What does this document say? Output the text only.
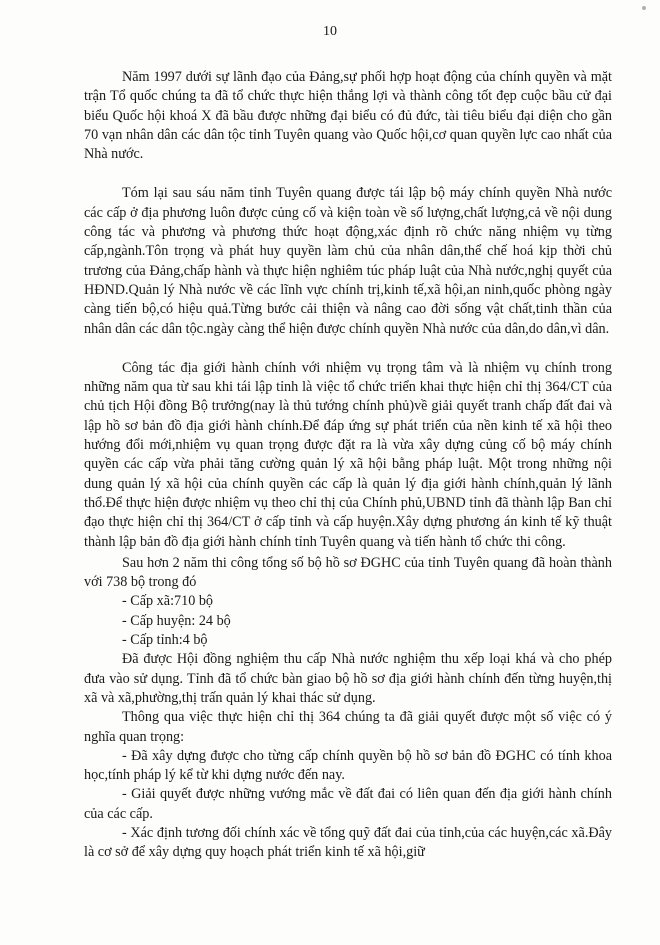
10

Năm 1997 dưới sự lãnh đạo của Đảng,sự phối hợp hoạt động của chính quyền và mặt trận Tổ quốc chúng ta đã tổ chức thực hiện thắng lợi và thành công tốt đẹp cuộc bầu cử đại biểu Quốc hội khoá X đã bầu được những đại biểu có đủ đức, tài tiêu biểu đại diện cho gần 70 vạn nhân dân các dân tộc tỉnh Tuyên quang vào Quốc hội,cơ quan quyền lực cao nhất của Nhà nước.

Tóm lại sau sáu năm tỉnh Tuyên quang được tái lập bộ máy chính quyền Nhà nước các cấp ở địa phương luôn được củng cố và kiện toàn về số lượng,chất lượng,cả về nội dung công tác và phương và phương thức hoạt động,xác định rõ chức năng nhiệm vụ từng cấp,ngành.Tôn trọng và phát huy quyền làm chủ của nhân dân,thể chế hoá kịp thời chủ trương của Đảng,chấp hành và thực hiện nghiêm túc pháp luật của Nhà nước,nghị quyết của HĐND.Quản lý Nhà nước về các lĩnh vực chính trị,kinh tế,xã hội,an ninh,quốc phòng ngày càng tiến bộ,có hiệu quả.Từng bước cải thiện và nâng cao đời sống vật chất,tinh thần của nhân dân các dân tộc.ngày càng thể hiện được chính quyền Nhà nước của dân,do dân,vì dân.

Công tác địa giới hành chính với nhiệm vụ trọng tâm và là nhiệm vụ chính trong những năm qua từ sau khi tái lập tỉnh là việc tổ chức triển khai thực hiện chỉ thị 364/CT của chủ tịch Hội đồng Bộ trưởng(nay là thủ tướng chính phủ)về giải quyết tranh chấp đất đai và lập hồ sơ bản đồ địa giới hành chính.Để đáp ứng sự phát triển của nền kinh tế xã hội theo hướng đổi mới,nhiệm vụ quan trọng được đặt ra là vừa xây dựng củng cố bộ máy chính quyền các cấp vừa phải tăng cường quản lý xã hội bằng pháp luật. Một trong những nội dung quản lý xã hội của chính quyền các cấp là quản lý địa giới hành chính,quản lý lãnh thổ.Để thực hiện được nhiệm vụ theo chỉ thị của Chính phủ,UBND tỉnh đã thành lập Ban chỉ đạo thực hiện chỉ thị 364/CT ở cấp tỉnh và cấp huyện.Xây dựng phương án kinh tế kỹ thuật thành lập bản đồ địa giới hành chính tỉnh Tuyên quang và tiến hành tổ chức thi công.

Sau hơn 2 năm thi công tổng số bộ hồ sơ ĐGHC của tỉnh Tuyên quang đã hoàn thành với 738 bộ trong đó

- Cấp xã:710 bộ

- Cấp huyện: 24 bộ

- Cấp tỉnh:4 bộ

Đã được Hội đồng nghiệm thu cấp Nhà nước nghiệm thu xếp loại khá và cho phép đưa vào sử dụng. Tỉnh đã tổ chức bàn giao bộ hồ sơ địa giới hành chính đến từng huyện,thị xã và xã,phường,thị trấn quản lý khai thác sử dụng.

Thông qua việc thực hiện chỉ thị 364 chúng ta đã giải quyết được một số việc có ý nghĩa quan trọng:

- Đã xây dựng được cho từng cấp chính quyền bộ hồ sơ bản đồ ĐGHC có tính khoa học,tính pháp lý kể từ khi dựng nước đến nay.

- Giải quyết được những vướng mắc về đất đai có liên quan đến địa giới hành chính của các cấp.

- Xác định tương đối chính xác về tổng quỹ đất đai của tỉnh,của các huyện,các xã.Đây là cơ sở để xây dựng quy hoạch phát triển kinh tế xã hội,giữ
